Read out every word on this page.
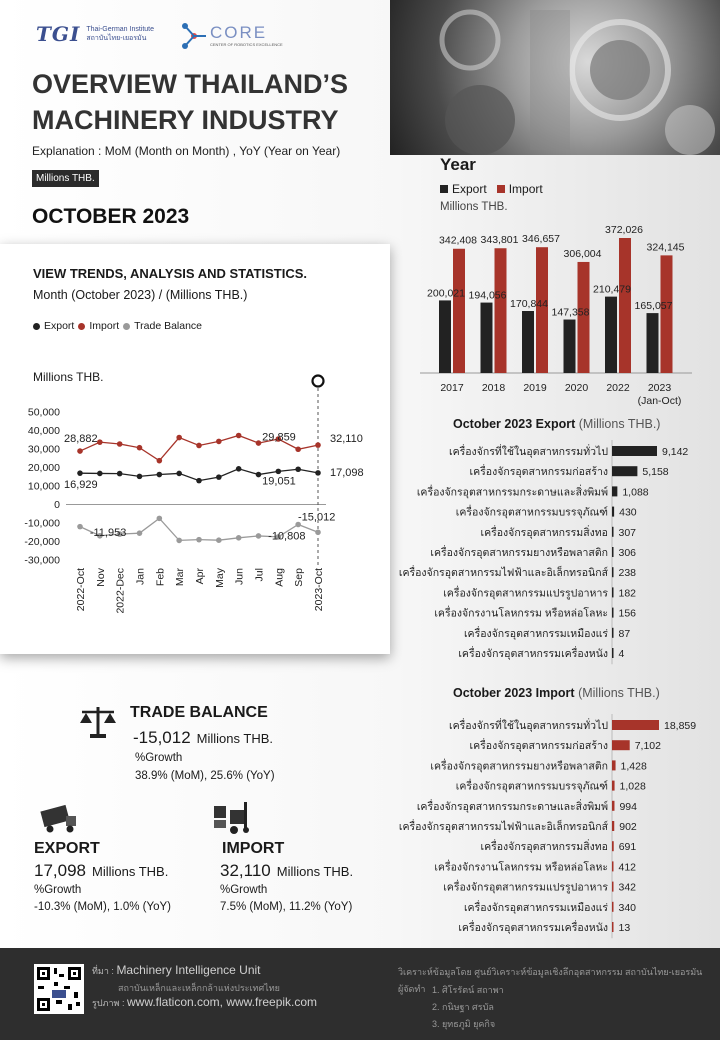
TGI Thai-German Institute
สถาบันไทย-เยอรมัน	CORE
CENTER OF ROBOTICS EXCELLENCE
OVERVIEW THAILAND’S
MACHINERY INDUSTRY
Explanation : MoM (Month on Month) , YoY (Year on Year)
Millions THB.
OCTOBER 2023
VIEW TRENDS, ANALYSIS AND STATISTICS.
Month (October 2023) / (Millions THB.)
Export Import Trade Balance
Millions THB.
50,000
40,000
30,000
20,000
10,000
0
-10,000
-20,000
-30,000
28,882
16,929
-11,953
29,859	32,110
17,098
19,051
-15,012
-10,808
2022-Oct Nov 2022-Dec Jan Feb Mar Apr May Jun Jul Aug Sep 2023-Oct
Year
Export Import
Millions THB.
200,021
342,408
2017
194,056
343,801
2018
170,844
346,657
2019
147,358
306,004
2020
210,479
372,026
2022
165,057
324,145
2023
(Jan-Oct)
October 2023 Export (Millions THB.)
เครื่องจักรที่ใช้ในอุตสาหกรรมทั่วไป	9,142
เครื่องจักรอุตสาหกรรมก่อสร้าง	5,158
เครื่องจักรอุตสาหกรรมกระดาษและสิ่งพิมพ์ 1,088
เครื่องจักรอุตสาหกรรมบรรจุภัณฑ์ 430
เครื่องจักรอุตสาหกรรมสิ่งทอ 307
เครื่องจักรอุตสาหกรรมยางหรือพลาสติก 306
เครื่องจักรอุตสาหกรรมไฟฟ้าและอิเล็กทรอนิกส์ 238
เครื่องจักรอุตสาหกรรมแปรรูปอาหาร 182
เครื่องจักรงานโลหกรรม หรือหล่อโลหะ 156
เครื่องจักรอุตสาหกรรมเหมืองแร่ 87
เครื่องจักรอุตสาหกรรมเครื่องหนัง 4
October 2023 Import (Millions THB.)
เครื่องจักรที่ใช้ในอุตสาหกรรมทั่วไป	18,859
เครื่องจักรอุตสาหกรรมก่อสร้าง	7,102
เครื่องจักรอุตสาหกรรมยางหรือพลาสติก 1,428
เครื่องจักรอุตสาหกรรมบรรจุภัณฑ์ 1,028
เครื่องจักรอุตสาหกรรมกระดาษและสิ่งพิมพ์ 994
เครื่องจักรอุตสาหกรรมไฟฟ้าและอิเล็กทรอนิกส์ 902
เครื่องจักรอุตสาหกรรมสิ่งทอ 691
เครื่องจักรงานโลหกรรม หรือหล่อโลหะ 412
เครื่องจักรอุตสาหกรรมแปรรูปอาหาร 342
เครื่องจักรอุตสาหกรรมเหมืองแร่ 340
เครื่องจักรอุตสาหกรรมเครื่องหนัง 13
TRADE BALANCE
-15,012 Millions THB.
%Growth
38.9% (MoM), 25.6% (YoY)
EXPORT
17,098 Millions THB.
%Growth
-10.3% (MoM), 1.0% (YoY)
IMPORT
32,110 Millions THB.
%Growth
7.5% (MoM), 11.2% (YoY)
ที่มา : Machinery Intelligence Unit
สถาบันเหล็กและเหล็กกล้าแห่งประเทศไทย
รูปภาพ : www.flaticon.com, www.freepik.com
วิเคราะห์ข้อมูลโดย ศูนย์วิเคราะห์ข้อมูลเชิงลึกอุตสาหกรรม สถาบันไทย-เยอรมัน
ผู้จัดทำ 1. ศิโรรัตน์ สถาพา
2. กนิษฐา ศรบัล
3. ยุทธภูมิ ยุคกิจ
